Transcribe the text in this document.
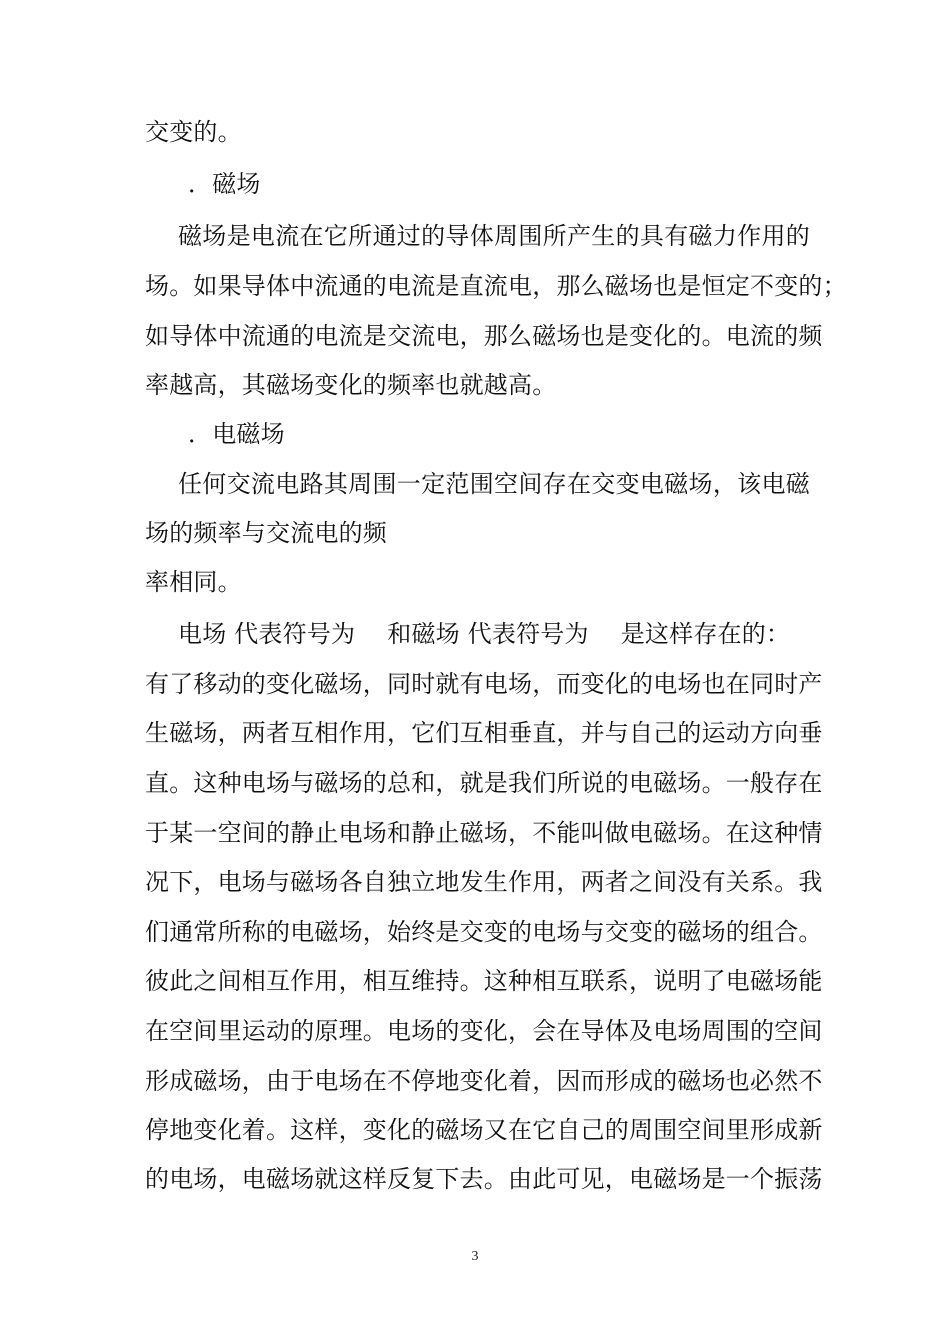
交变的。
．磁场
磁场是电流在它所通过的导体周围所产生的具有磁力作用的
场。如果导体中流通的电流是直流电，那么磁场也是恒定不变的；
如导体中流通的电流是交流电，那么磁场也是变化的。电流的频
率越高，其磁场变化的频率也就越高。
．电磁场
任何交流电路其周围一定范围空间存在交变电磁场，该电磁
场的频率与交流电的频
率相同。
电场 代表符号为 　和磁场 代表符号为 　是这样存在的：
有了移动的变化磁场，同时就有电场，而变化的电场也在同时产
生磁场，两者互相作用，它们互相垂直，并与自己的运动方向垂
直。这种电场与磁场的总和，就是我们所说的电磁场。一般存在
于某一空间的静止电场和静止磁场，不能叫做电磁场。在这种情
况下，电场与磁场各自独立地发生作用，两者之间没有关系。我
们通常所称的电磁场，始终是交变的电场与交变的磁场的组合。
彼此之间相互作用，相互维持。这种相互联系，说明了电磁场能
在空间里运动的原理。电场的变化，会在导体及电场周围的空间
形成磁场，由于电场在不停地变化着，因而形成的磁场也必然不
停地变化着。这样，变化的磁场又在它自己的周围空间里形成新
的电场，电磁场就这样反复下去。由此可见，电磁场是一个振荡
3
